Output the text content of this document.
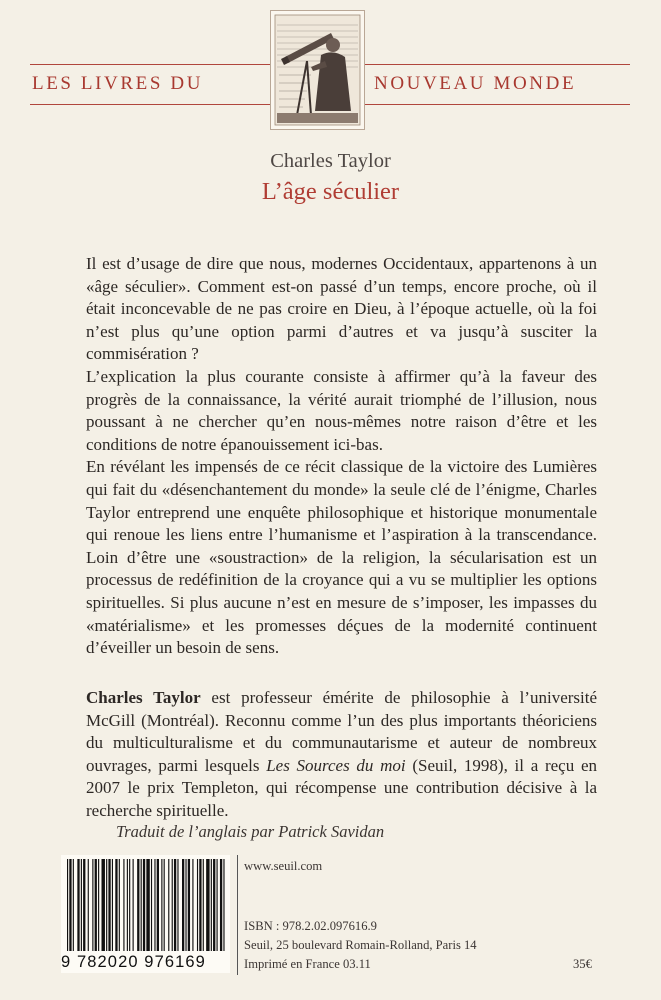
LES LIVRES DU	NOUVEAU MONDE
Charles Taylor
L’âge séculier

Il est d’usage de dire que nous, modernes Occidentaux, appartenons à un «âge séculier». Comment est-on passé d’un temps, encore proche, où il était inconcevable de ne pas croire en Dieu, à l’époque actuelle, où la foi n’est plus qu’une option parmi d’autres et va jusqu’à susciter la commisération ?

L’explication la plus courante consiste à affirmer qu’à la faveur des progrès de la connaissance, la vérité aurait triomphé de l’illusion, nous poussant à ne chercher qu’en nous-mêmes notre raison d’être et les conditions de notre épanouissement ici-bas.

En révélant les impensés de ce récit classique de la victoire des Lumières qui fait du «désenchantement du monde» la seule clé de l’énigme, Charles Taylor entreprend une enquête philosophique et historique monumentale qui renoue les liens entre l’humanisme et l’aspiration à la transcendance. Loin d’être une «soustraction» de la religion, la sécularisation est un processus de redéfinition de la croyance qui a vu se multiplier les options spirituelles. Si plus aucune n’est en mesure de s’imposer, les impasses du «matérialisme» et les promesses déçues de la modernité continuent d’éveiller un besoin de sens.

Charles Taylor est professeur émérite de philosophie à l’université McGill (Montréal). Reconnu comme l’un des plus importants théoriciens du multiculturalisme et du communautarisme et auteur de nombreux ouvrages, parmi lesquels Les Sources du moi (Seuil, 1998), il a reçu en 2007 le prix Templeton, qui récompense une contribution décisive à la recherche spirituelle.

Traduit de l’anglais par Patrick Savidan
9 782020 976169
www.seuil.com
ISBN : 978.2.02.097616.9
Seuil, 25 boulevard Romain-Rolland, Paris 14
Imprimé en France 03.11	35€
